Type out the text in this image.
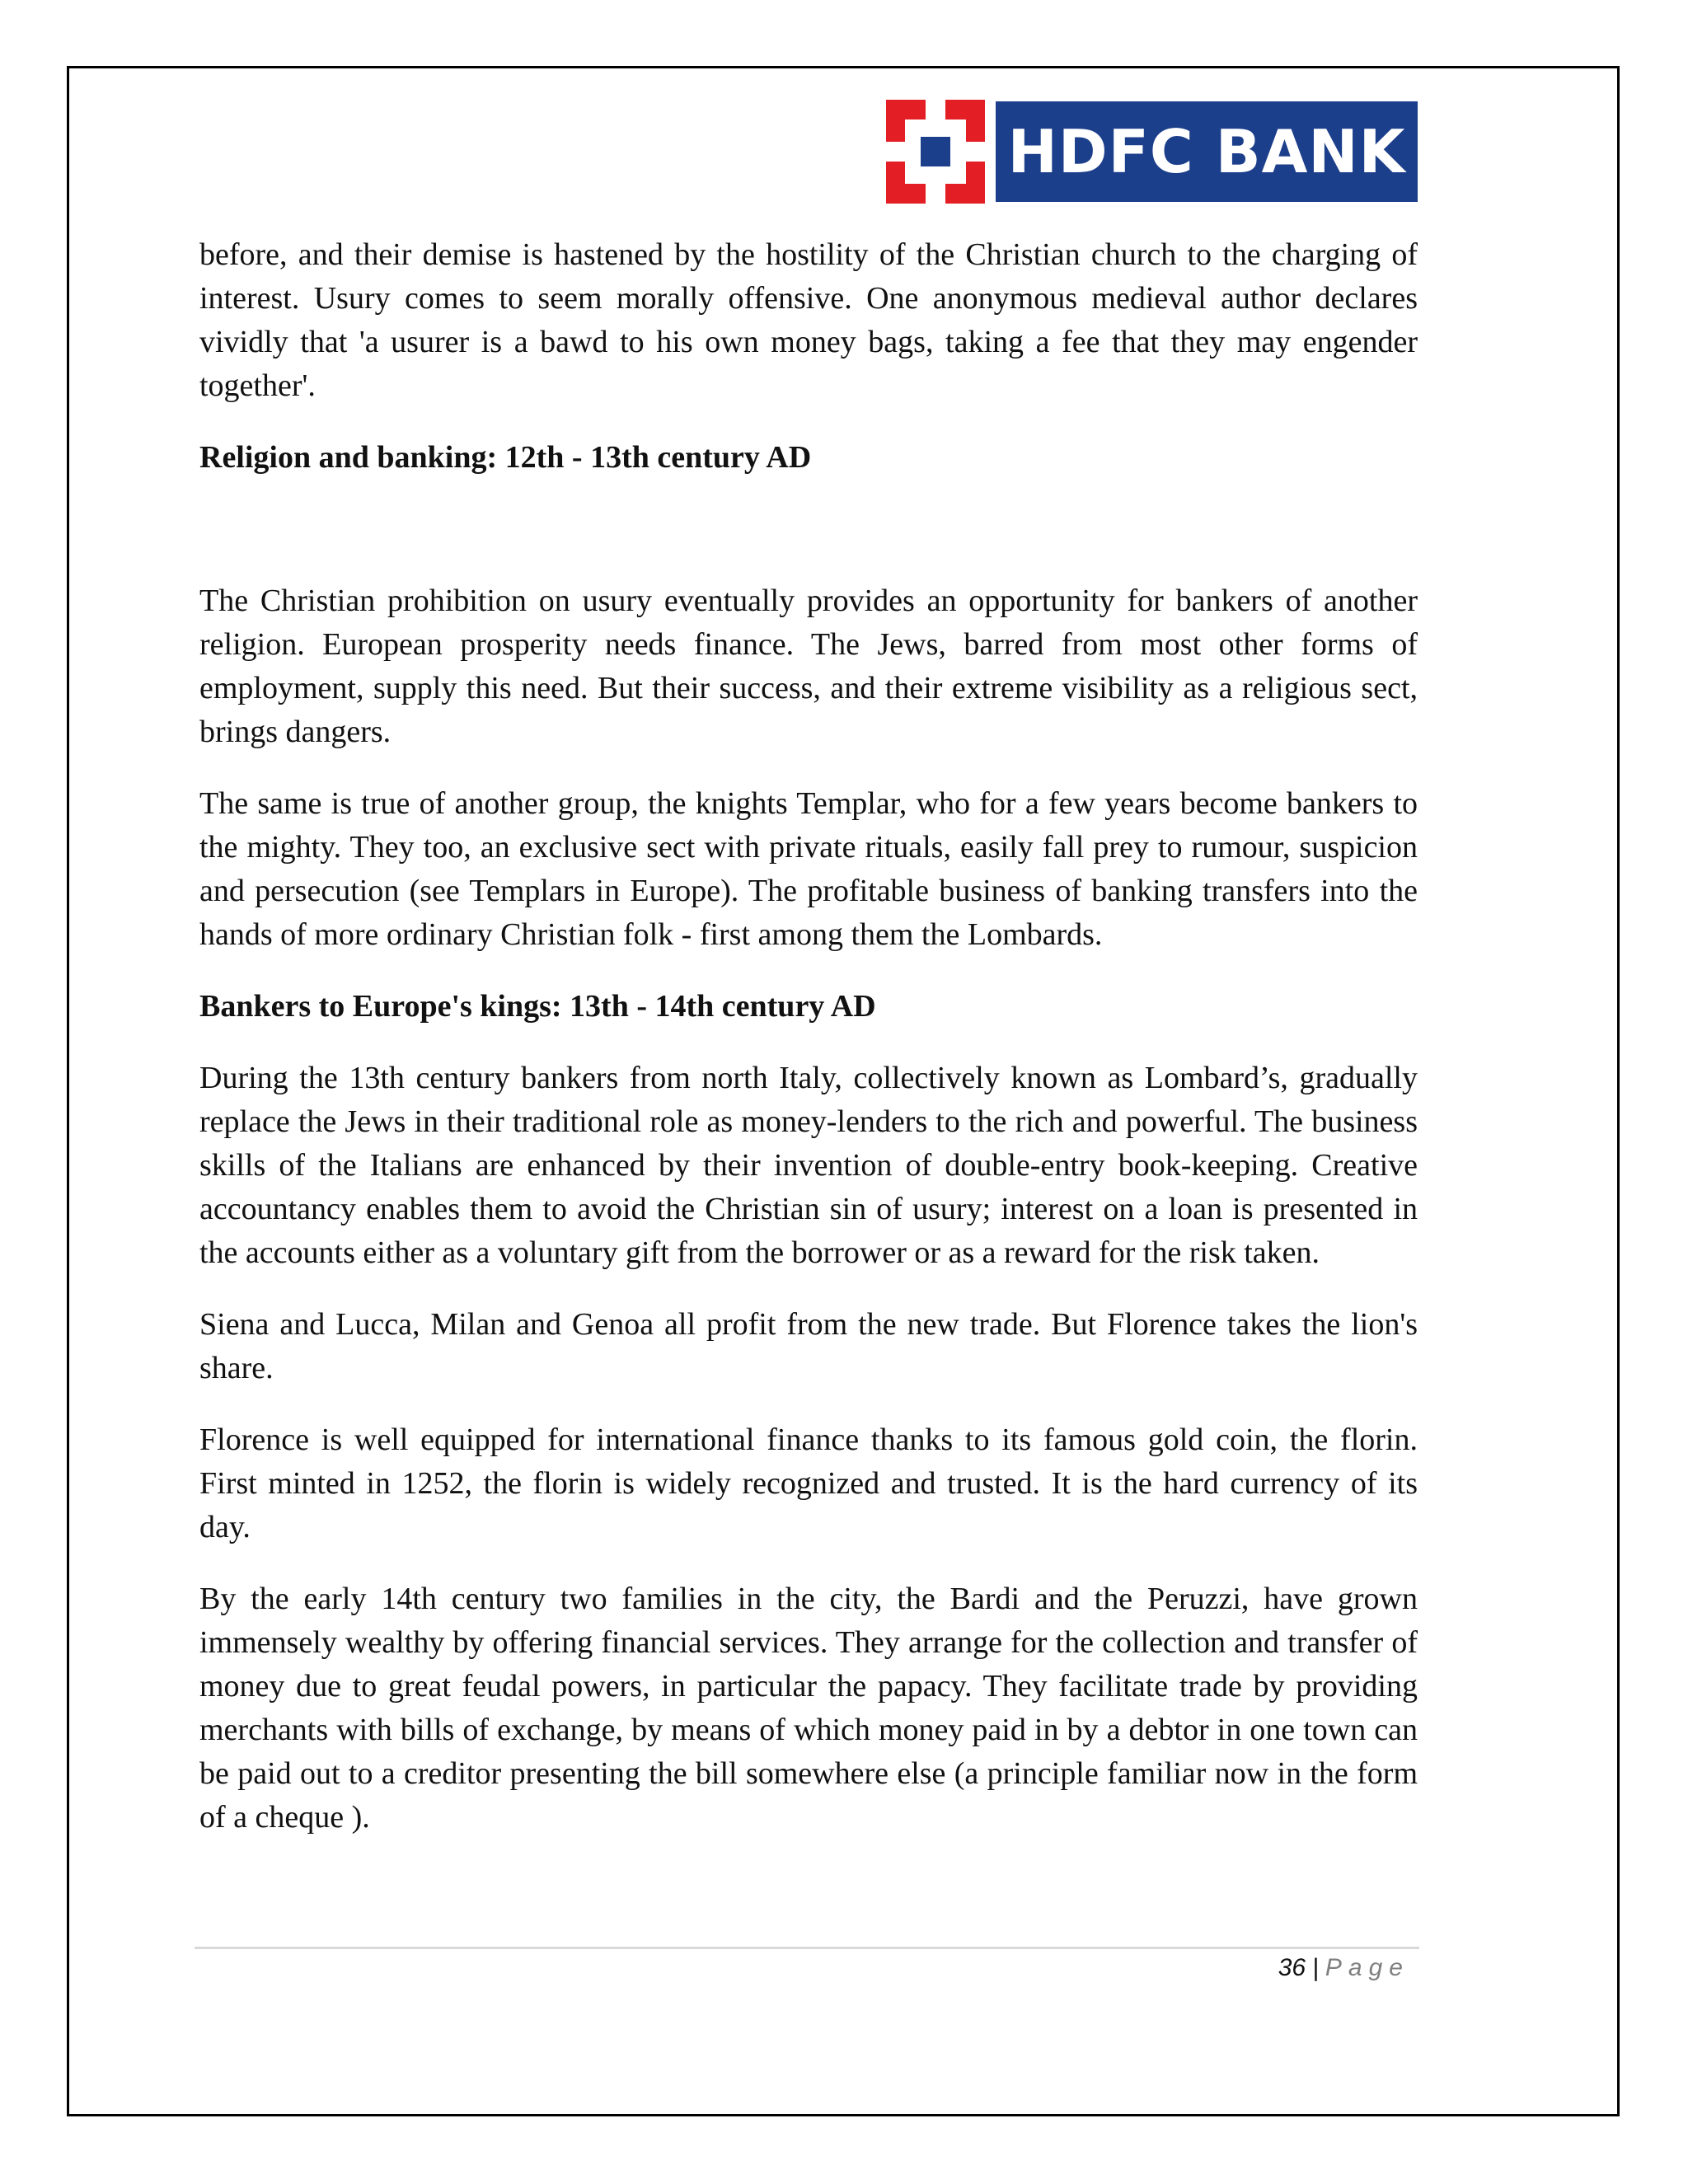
HDFC BANK

before, and their demise is hastened by the hostility of the Christian church to the charging of interest. Usury comes to seem morally offensive. One anonymous medieval author declares vividly that 'a usurer is a bawd to his own money bags, taking a fee that they may engender together'.

Religion and banking: 12th - 13th century AD

The Christian prohibition on usury eventually provides an opportunity for bankers of another religion. European prosperity needs finance. The Jews, barred from most other forms of employment, supply this need. But their success, and their extreme visibility as a religious sect, brings dangers.

The same is true of another group, the knights Templar, who for a few years become bankers to the mighty. They too, an exclusive sect with private rituals, easily fall prey to rumour, suspicion and persecution (see Templars in Europe). The profitable business of banking transfers into the hands of more ordinary Christian folk - first among them the Lombards.

Bankers to Europe's kings: 13th - 14th century AD

During the 13th century bankers from north Italy, collectively known as Lombard’s, gradually replace the Jews in their traditional role as money-lenders to the rich and powerful. The business skills of the Italians are enhanced by their invention of double-entry book-keeping. Creative accountancy enables them to avoid the Christian sin of usury; interest on a loan is presented in the accounts either as a voluntary gift from the borrower or as a reward for the risk taken.

Siena and Lucca, Milan and Genoa all profit from the new trade. But Florence takes the lion's share.

Florence is well equipped for international finance thanks to its famous gold coin, the florin. First minted in 1252, the florin is widely recognized and trusted. It is the hard currency of its day.

By the early 14th century two families in the city, the Bardi and the Peruzzi, have grown immensely wealthy by offering financial services. They arrange for the collection and transfer of money due to great feudal powers, in particular the papacy. They facilitate trade by providing merchants with bills of exchange, by means of which money paid in by a debtor in one town can be paid out to a creditor presenting the bill somewhere else (a principle familiar now in the form of a cheque ).

36 | Page
